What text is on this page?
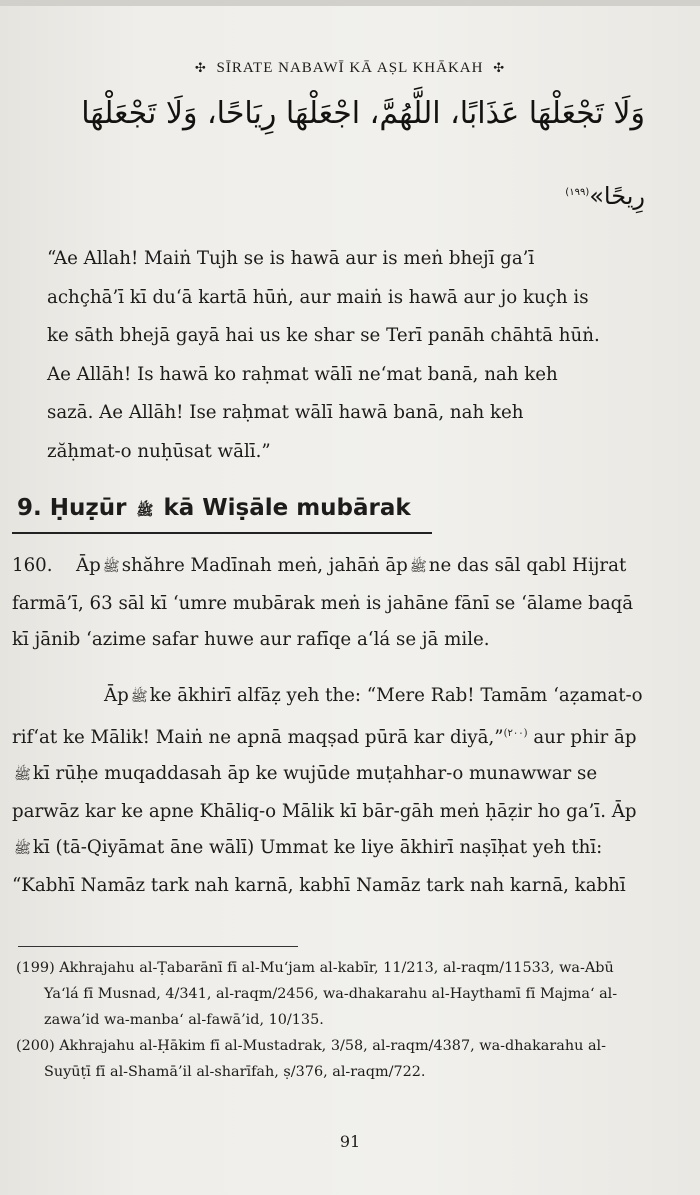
✣ SĪRATE NABAWĪ KĀ AṢL KHĀKAH ✣
وَلَا تَجْعَلْهَا عَذَابًا، اللَّهُمَّ، اجْعَلْهَا رِيَاحًا، وَلَا تَجْعَلْهَا
رِيحًا»$^{(١٩٩)}$
“Ae Allah! Maiṅ Tujh se is hawā aur is meṅ bhejī ga’ī
achçhā’ī kī du‘ā kartā hūṅ, aur maiṅ is hawā aur jo kuçh is
ke sāth bhejā gayā hai us ke shar se Terī panāh chāhtā hūṅ.
Ae Allāh! Is hawā ko raḥmat wālī ne‘mat banā, nah keh
sazā. Ae Allāh! Ise raḥmat wālī hawā banā, nah keh
zăḥmat-o nuḥūsat wālī.”
9. Ḥuẓūr ﷺ kā Wiṣāle mubārak
160. Āp ﷺ shăhre Madīnah meṅ, jahāṅ āp ﷺ ne das sāl qabl Hijrat
farmā’ī, 63 sāl kī ‘umre mubārak meṅ is jahāne fānī se ‘ālame baqā
kī jānib ‘azime safar huwe aur rafīqe a‘lá se jā mile.
Āp ﷺ ke ākhirī alfāẓ yeh the: “Mere Rab! Tamām ‘aẓamat-o
rif‘at ke Mālik! Maiṅ ne apnā maqṣad pūrā kar diyā,”$^{(٢٠٠)}$ aur phir āp
ﷺ kī rūḥe muqaddasah āp ke wujūde muṭahhar-o munawwar se
parwāz kar ke apne Khāliq-o Mālik kī bār-gāh meṅ ḥāẓir ho ga’ī. Āp
ﷺ kī (tā-Qiyāmat āne wālī) Ummat ke liye ākhirī naṣīḥat yeh thī:
“Kabhī Namāz tark nah karnā, kabhī Namāz tark nah karnā, kabhī
(199) Akhrajahu al-Ṭabarānī fī al-Mu‘jam al-kabīr, 11/213, al-raqm/11533, wa-Abū
Ya‘lá fī Musnad, 4/341, al-raqm/2456, wa-dhakarahu al-Haythamī fī Majma‘ al-
zawa’id wa-manba‘ al-fawā’id, 10/135.
(200) Akhrajahu al-Ḥākim fī al-Mustadrak, 3/58, al-raqm/4387, wa-dhakarahu al-
Suyūṭī fī al-Shamā’il al-sharīfah, ṣ/376, al-raqm/722.
91
